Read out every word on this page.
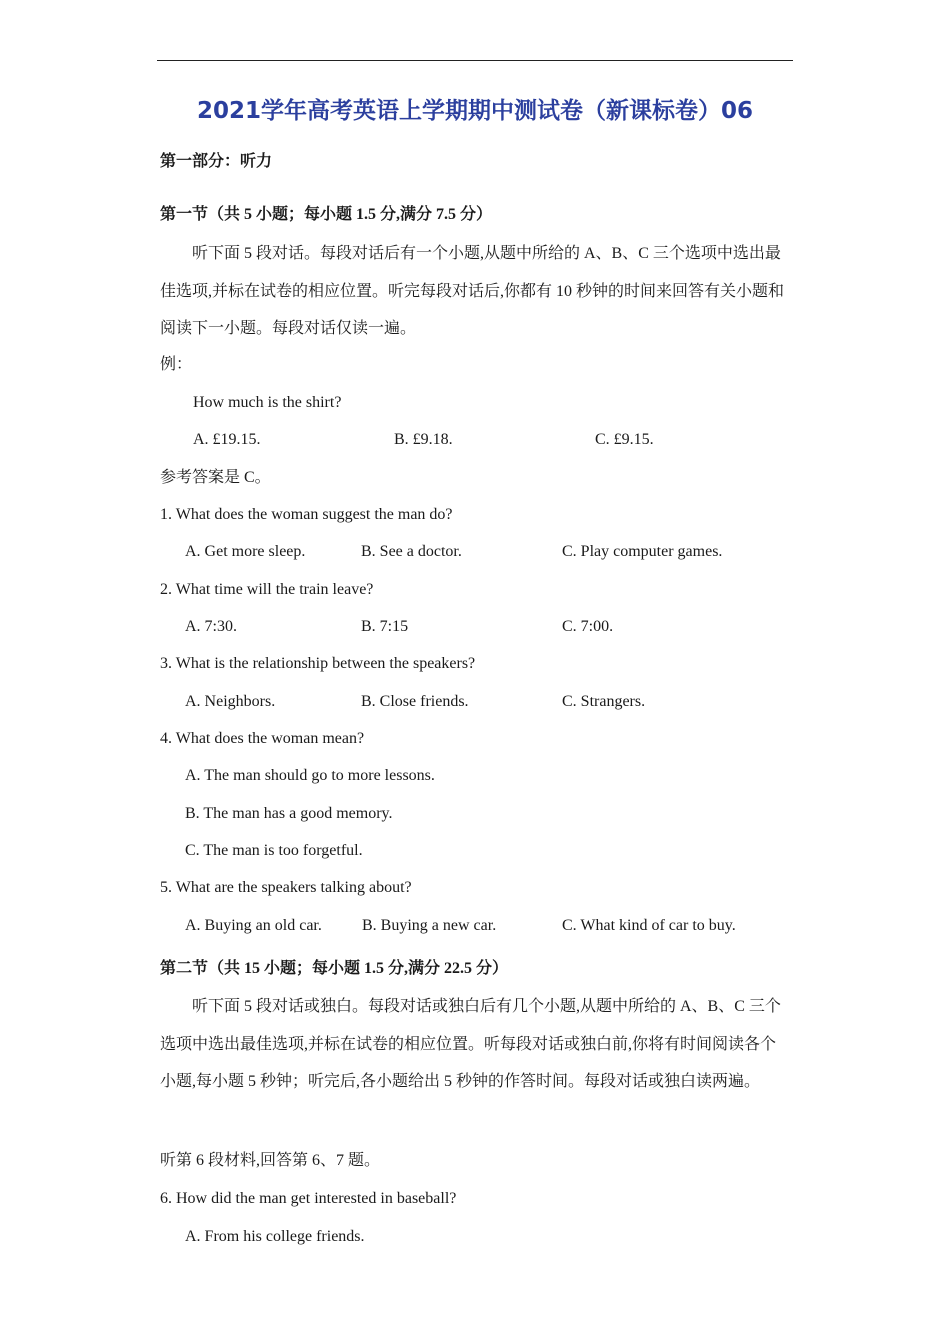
2021学年高考英语上学期期中测试卷（新课标卷）06
第一部分：听力
第一节（共 5 小题；每小题 1.5 分,满分 7.5 分）
听下面 5 段对话。每段对话后有一个小题,从题中所给的 A、B、C 三个选项中选出最佳选项,并标在试卷的相应位置。听完每段对话后,你都有 10 秒钟的时间来回答有关小题和阅读下一小题。每段对话仅读一遍。
例：
How much is the shirt?
A. £19.15.	B. £9.18.	C. £9.15.
参考答案是 C。
1. What does the woman suggest the man do?
A. Get more sleep.	B. See a doctor.	C. Play computer games.
2. What time will the train leave?
A. 7:30.	B. 7:15	C. 7:00.
3. What is the relationship between the speakers?
A. Neighbors.	B. Close friends.	C. Strangers.
4. What does the woman mean?
A. The man should go to more lessons.
B. The man has a good memory.
C. The man is too forgetful.
5. What are the speakers talking about?
A. Buying an old car.	B. Buying a new car.	C. What kind of car to buy.
第二节（共 15 小题；每小题 1.5 分,满分 22.5 分）
听下面 5 段对话或独白。每段对话或独白后有几个小题,从题中所给的 A、B、C 三个选项中选出最佳选项,并标在试卷的相应位置。听每段对话或独白前,你将有时间阅读各个小题,每小题 5 秒钟；听完后,各小题给出 5 秒钟的作答时间。每段对话或独白读两遍。
听第 6 段材料,回答第 6、7 题。
6. How did the man get interested in baseball?
A. From his college friends.
